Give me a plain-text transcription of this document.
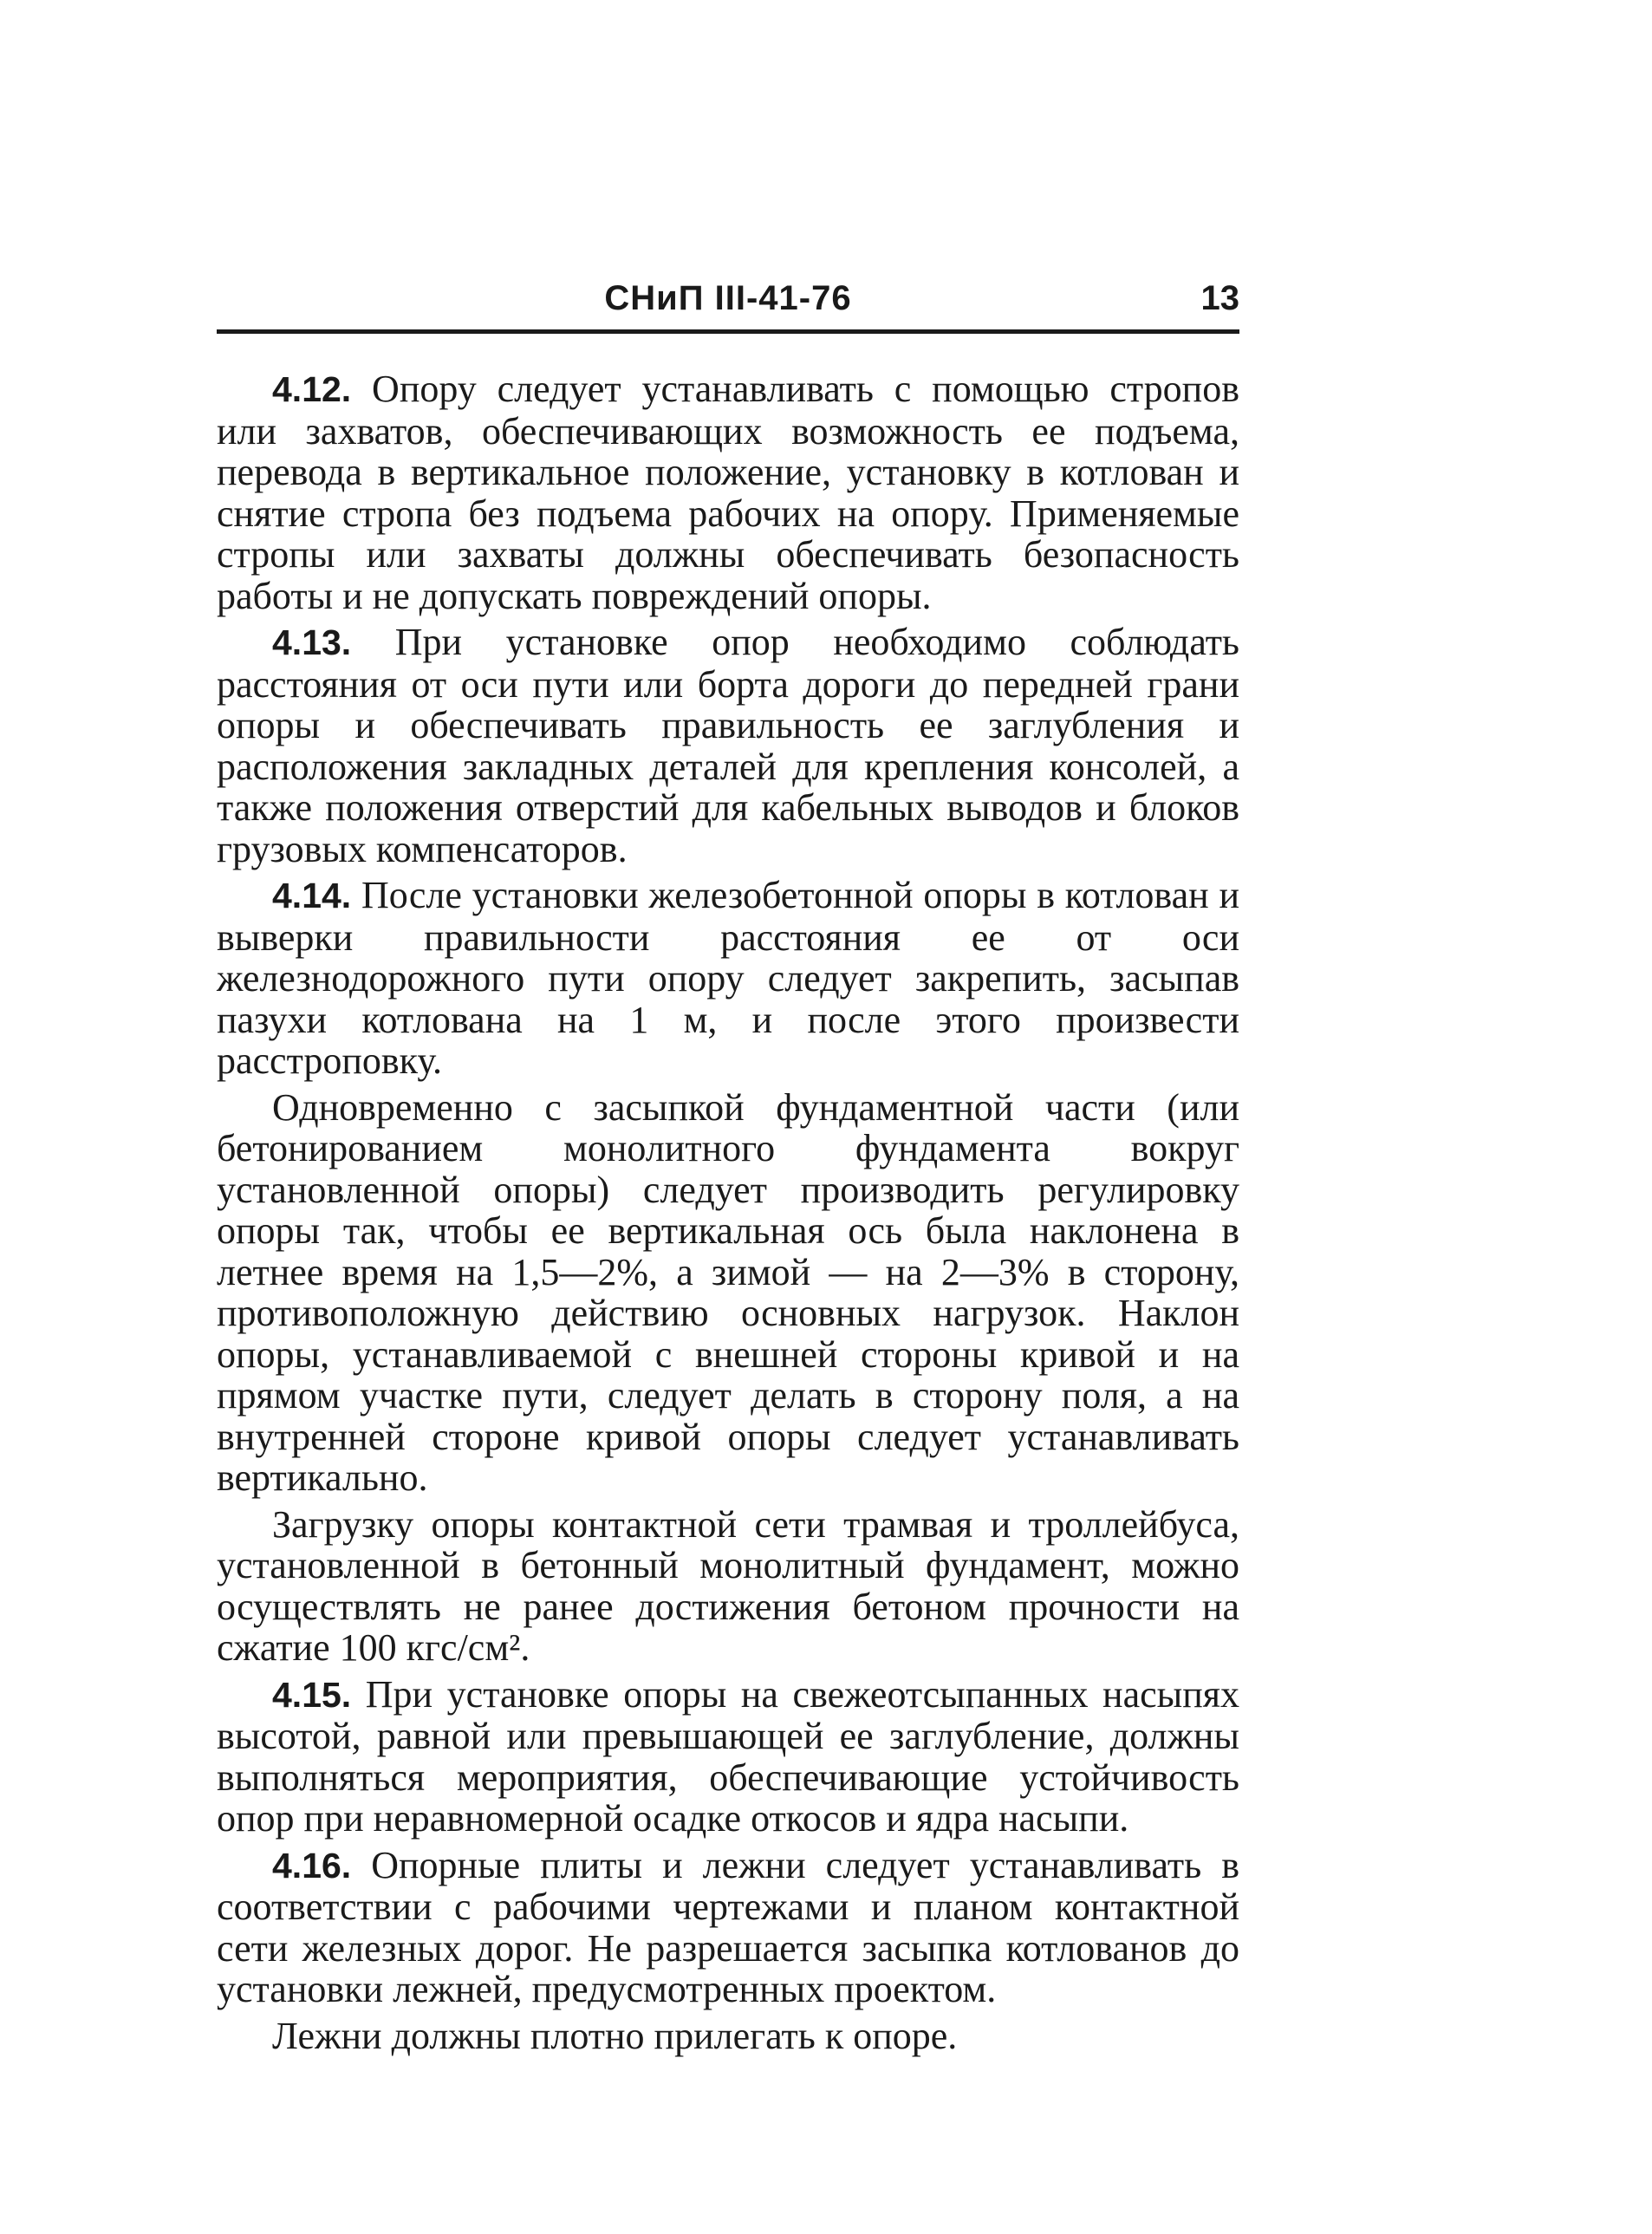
СНиП III-41-76	13

4.12. Опору следует устанавливать с помощью стропов или захватов, обеспечивающих возможность ее подъема, перевода в вертикальное положение, установку в котлован и снятие стропа без подъема рабочих на опору. Применяемые стропы или захваты должны обеспечивать безопасность работы и не допускать повреждений опоры.

4.13. При установке опор необходимо соблюдать расстояния от оси пути или борта дороги до передней грани опоры и обеспечивать правильность ее заглубления и расположения закладных деталей для крепления консолей, а также положения отверстий для кабельных выводов и блоков грузовых компенсаторов.

4.14. После установки железобетонной опоры в котлован и выверки правильности расстояния ее от оси железнодорожного пути опору следует закрепить, засыпав пазухи котлована на 1 м, и после этого произвести расстроповку.

Одновременно с засыпкой фундаментной части (или бетонированием монолитного фундамента вокруг установленной опоры) следует производить регулировку опоры так, чтобы ее вертикальная ось была наклонена в летнее время на 1,5—2%, а зимой — на 2—3% в сторону, противоположную действию основных нагрузок. Наклон опоры, устанавливаемой с внешней стороны кривой и на прямом участке пути, следует делать в сторону поля, а на внутренней стороне кривой опоры следует устанавливать вертикально.

Загрузку опоры контактной сети трамвая и троллейбуса, установленной в бетонный монолитный фундамент, можно осуществлять не ранее достижения бетоном прочности на сжатие 100 кгс/см².

4.15. При установке опоры на свежеотсыпанных насыпях высотой, равной или превышающей ее заглубление, должны выполняться мероприятия, обеспечивающие устойчивость опор при неравномерной осадке откосов и ядра насыпи.

4.16. Опорные плиты и лежни следует устанавливать в соответствии с рабочими чертежами и планом контактной сети железных дорог. Не разрешается засыпка котлованов до установки лежней, предусмотренных проектом.

Лежни должны плотно прилегать к опоре.
